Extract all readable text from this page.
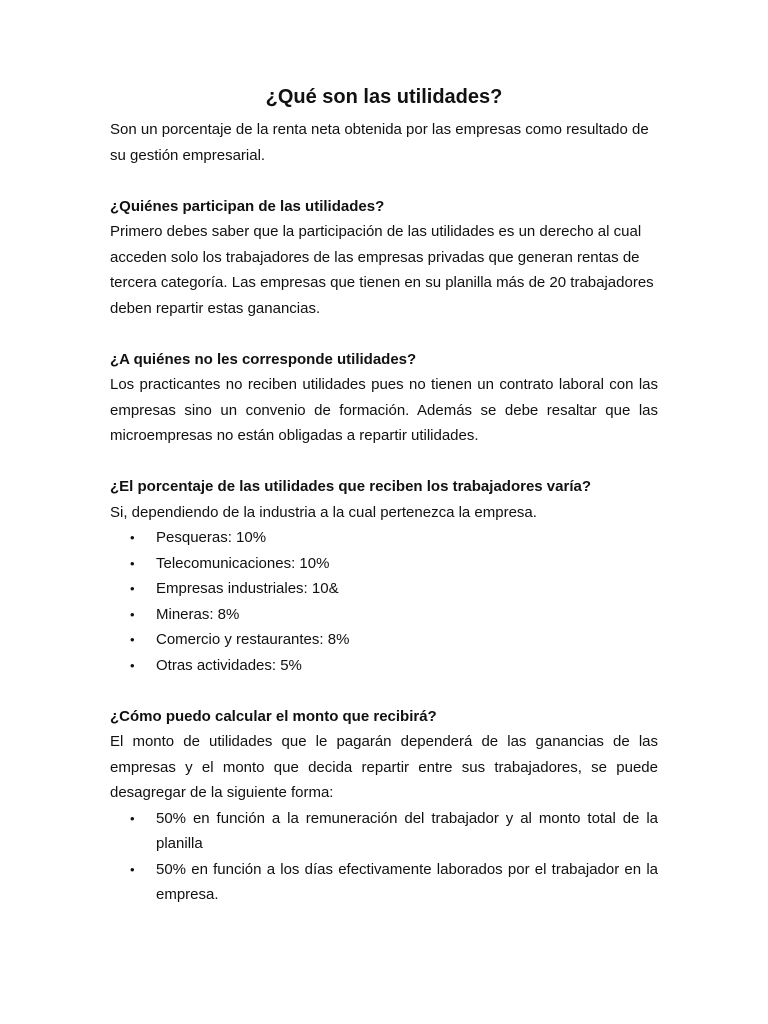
¿Qué son las utilidades?

Son un porcentaje de la renta neta obtenida por las empresas como resultado de su gestión empresarial.

¿Quiénes participan de las utilidades?

Primero debes saber que la participación de las utilidades es un derecho al cual acceden solo los trabajadores de las empresas privadas que generan rentas de tercera categoría. Las empresas que tienen en su planilla más de 20 trabajadores deben repartir estas ganancias.

¿A quiénes no les corresponde utilidades?

Los practicantes no reciben utilidades pues no tienen un contrato laboral con las empresas sino un convenio de formación. Además se debe resaltar que las microempresas no están obligadas a repartir utilidades.

¿El porcentaje de las utilidades que reciben los trabajadores varía?

Si, dependiendo de la industria a la cual pertenezca la empresa.

• Pesqueras: 10%
• Telecomunicaciones: 10%
• Empresas industriales: 10&
• Mineras: 8%
• Comercio y restaurantes: 8%
• Otras actividades: 5%
¿Cómo puedo calcular el monto que recibirá?

El monto de utilidades que le pagarán dependerá de las ganancias de las empresas y el monto que decida repartir entre sus trabajadores, se puede desagregar de la siguiente forma:

• 50% en función a la remuneración del trabajador y al monto total de la planilla
• 50% en función a los días efectivamente laborados por el trabajador en la empresa.
